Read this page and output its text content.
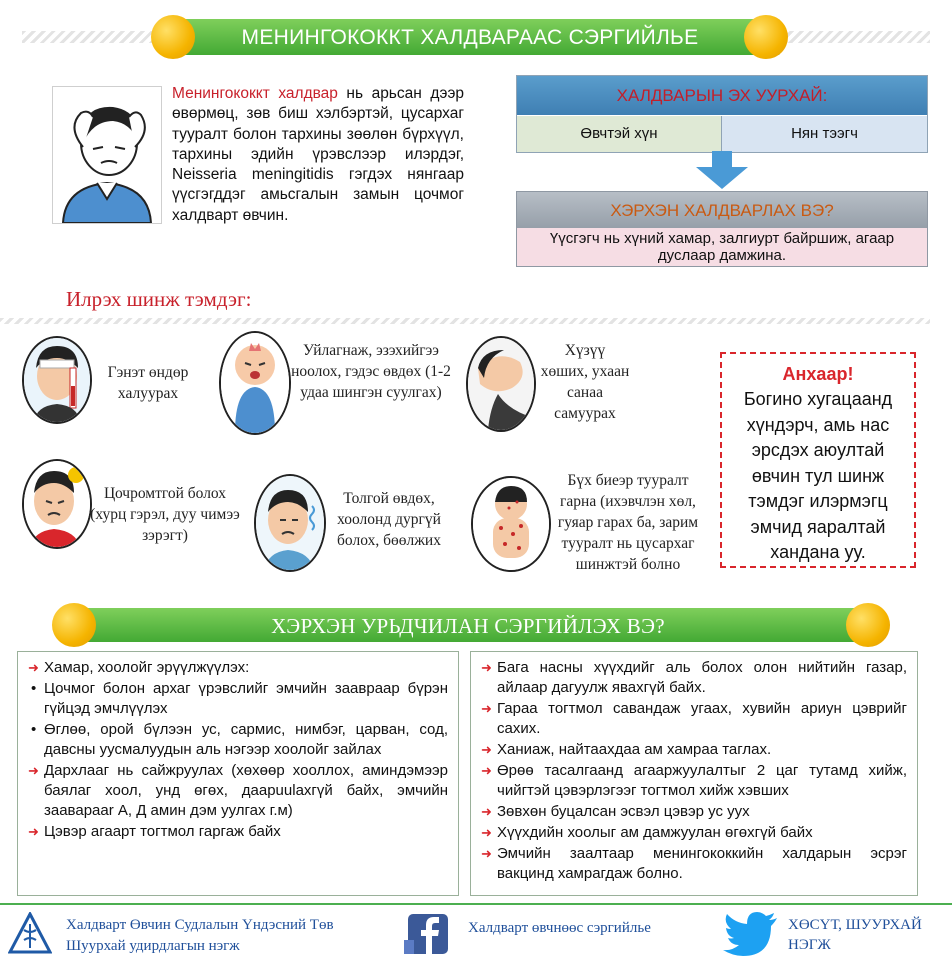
МЕНИНГОКОККТ ХАЛДВАРААС СЭРГИЙЛЬЕ
Менингококкт халдвар нь арьсан дээр өвөрмөц, зөв биш хэлбэртэй, цусархаг тууралт болон тархины зөөлөн бүрхүүл, тархины эдийн үрэвслээр илэрдэг, Neisseria meningitidis гэгдэх нянгаар үүсгэгддэг амьсгалын замын цочмог халдварт өвчин.
ХАЛДВАРЫН ЭХ УУРХАЙ:
Өвчтэй хүн	Нян тээгч
ХЭРХЭН ХАЛДВАРЛАХ ВЭ?
Үүсгэгч нь хүний хамар, залгиурт байршиж, агаар дуслаар дамжина.
Илрэх шинж тэмдэг:
Гэнэт өндөр халуурах
Уйлагнаж, эзэхийгээ ноолох, гэдэс өвдөх (1-2 удаа шингэн суулгах)
Хүзүү хөших, ухаан санаа самуурах
Цочромтгой болох (хурц гэрэл, дуу чимээ зэрэгт)
Толгой өвдөх, хоолонд дургүй болох, бөөлжих
Бүх биеэр тууралт гарна (ихэвчлэн хөл, гуяар гарах ба, зарим тууралт нь цусархаг шинжтэй болно
Анхаар!
Богино хугацаанд хүндэрч, амь нас эрсдэх аюултай өвчин тул шинж тэмдэг илэрмэгц эмчид яаралтай хандана уу.
ХЭРХЭН УРЬДЧИЛАН СЭРГИЙЛЭХ ВЭ?
➜ Хамар, хоолойг эрүүлжүүлэх:
• Цочмог болон архаг үрэвслийг эмчийн заавраар бүрэн гүйцэд эмчлүүлэх
• Өглөө, орой бүлээн ус, сармис, нимбэг, царван, сод, давсны уусмалуудын аль нэгээр хоолойг зайлах
➜ Дархлааг нь сайжруулах (хөхөөр хооллох, аминдэмээр баялаг хоол, унд өгөх, даарuulахгүй байх, эмчийн зааварaar А, Д амин дэм уулгах г.м)
➜ Цэвэр агаарт тогтмол гаргаж байх
➜ Бага насны хүүхдийг аль болох олон нийтийн газар, айлаар дагуулж явахгүй байх.
➜ Гараа тогтмол савандаж угаах, хувийн ариун цэврийг сахих.
➜ Ханиаж, найтаахдаа ам хамраа таглах.
➜ Өрөө тасалгаанд агааржуулалтыг 2 цаг тутамд хийж, чийгтэй цэвэрлэгээг тогтмол хийж хэвших
➜ Зөвхөн буцалсан эсвэл цэвэр ус уух
➜ Хүүхдийн хоолыг ам дамжуулан өгөхгүй байх
➜ Эмчийн заалтаар менингококкийн халдарын эсрэг вакцинд хамрагдаж болно.
Халдварт Өвчин Судлалын Үндэсний Төв
Шуурхай удирдлагын нэгж
Халдварт өвчнөөс сэргийлье	ХӨСҮТ, ШУУРХАЙ
НЭГЖ
